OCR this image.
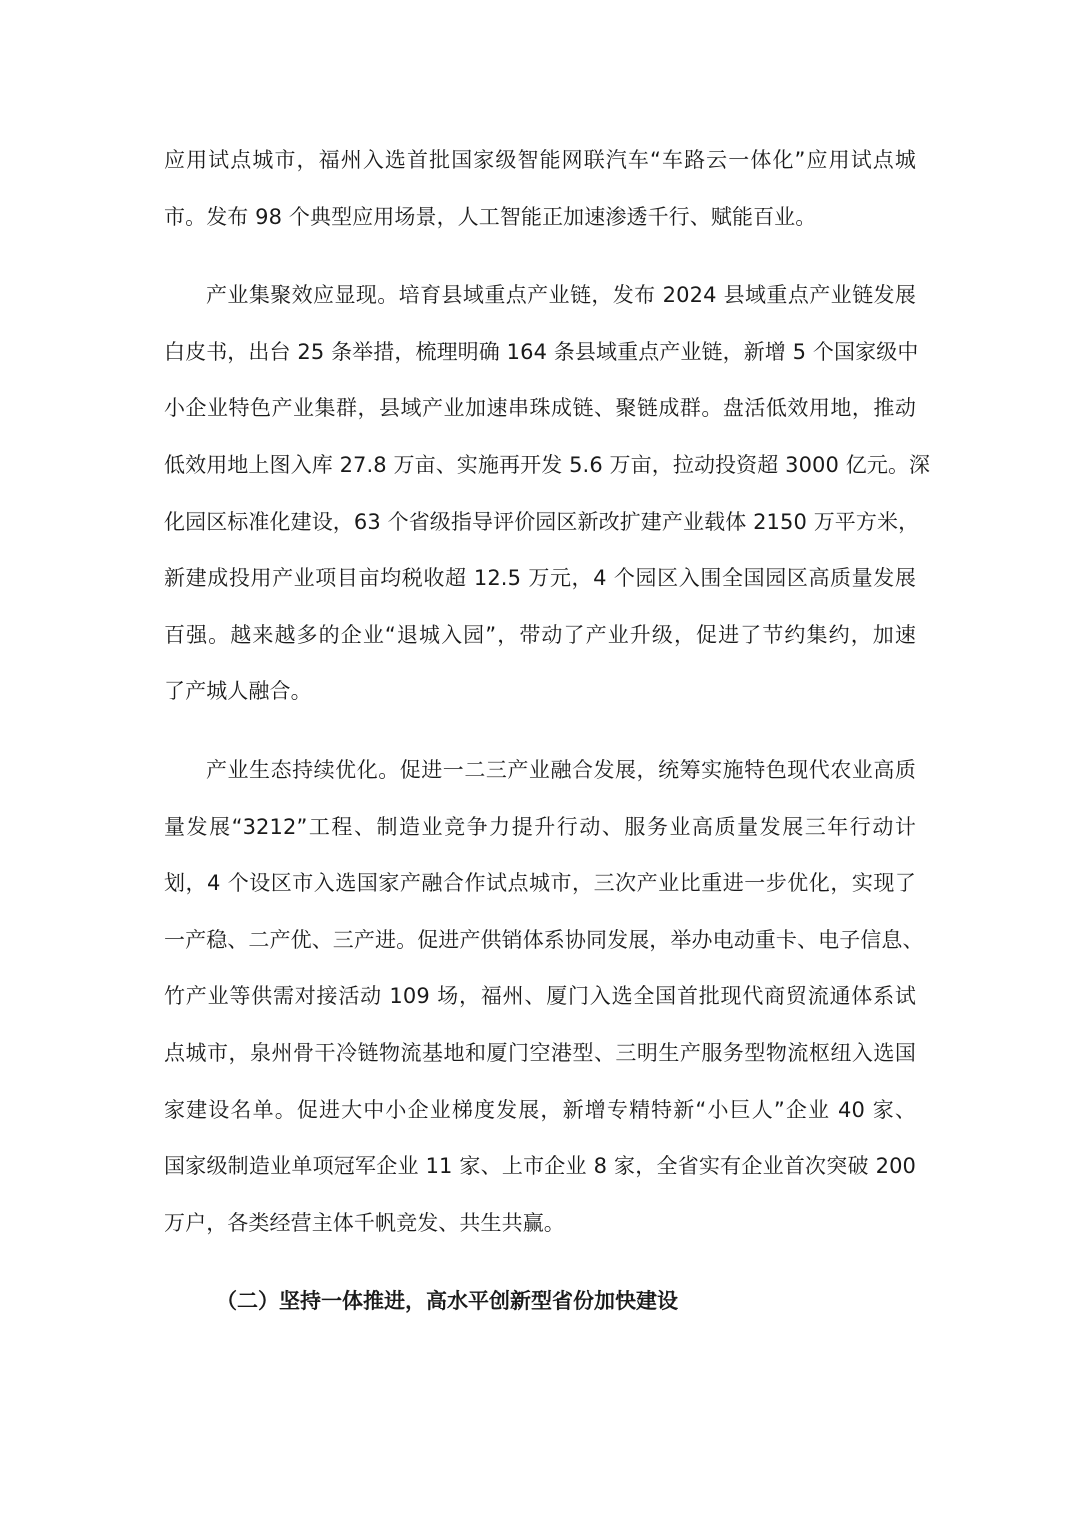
应用试点城市，福州入选首批国家级智能网联汽车“车路云一体化”应用试点城
市。发布 98 个典型应用场景，人工智能正加速渗透千行、赋能百业。

产业集聚效应显现。培育县域重点产业链，发布 2024 县域重点产业链发展
白皮书，出台 25 条举措，梳理明确 164 条县域重点产业链，新增 5 个国家级中
小企业特色产业集群，县域产业加速串珠成链、聚链成群。盘活低效用地，推动
低效用地上图入库 27.8 万亩、实施再开发 5.6 万亩，拉动投资超 3000 亿元。深
化园区标准化建设，63 个省级指导评价园区新改扩建产业载体 2150 万平方米，
新建成投用产业项目亩均税收超 12.5 万元，4 个园区入围全国园区高质量发展
百强。越来越多的企业“退城入园”，带动了产业升级，促进了节约集约，加速
了产城人融合。

产业生态持续优化。促进一二三产业融合发展，统筹实施特色现代农业高质
量发展“3212”工程、制造业竞争力提升行动、服务业高质量发展三年行动计
划，4 个设区市入选国家产融合作试点城市，三次产业比重进一步优化，实现了
一产稳、二产优、三产进。促进产供销体系协同发展，举办电动重卡、电子信息、
竹产业等供需对接活动 109 场，福州、厦门入选全国首批现代商贸流通体系试
点城市，泉州骨干冷链物流基地和厦门空港型、三明生产服务型物流枢纽入选国
家建设名单。促进大中小企业梯度发展，新增专精特新“小巨人”企业 40 家、
国家级制造业单项冠军企业 11 家、上市企业 8 家，全省实有企业首次突破 200
万户，各类经营主体千帆竞发、共生共赢。

（二）坚持一体推进，高水平创新型省份加快建设
